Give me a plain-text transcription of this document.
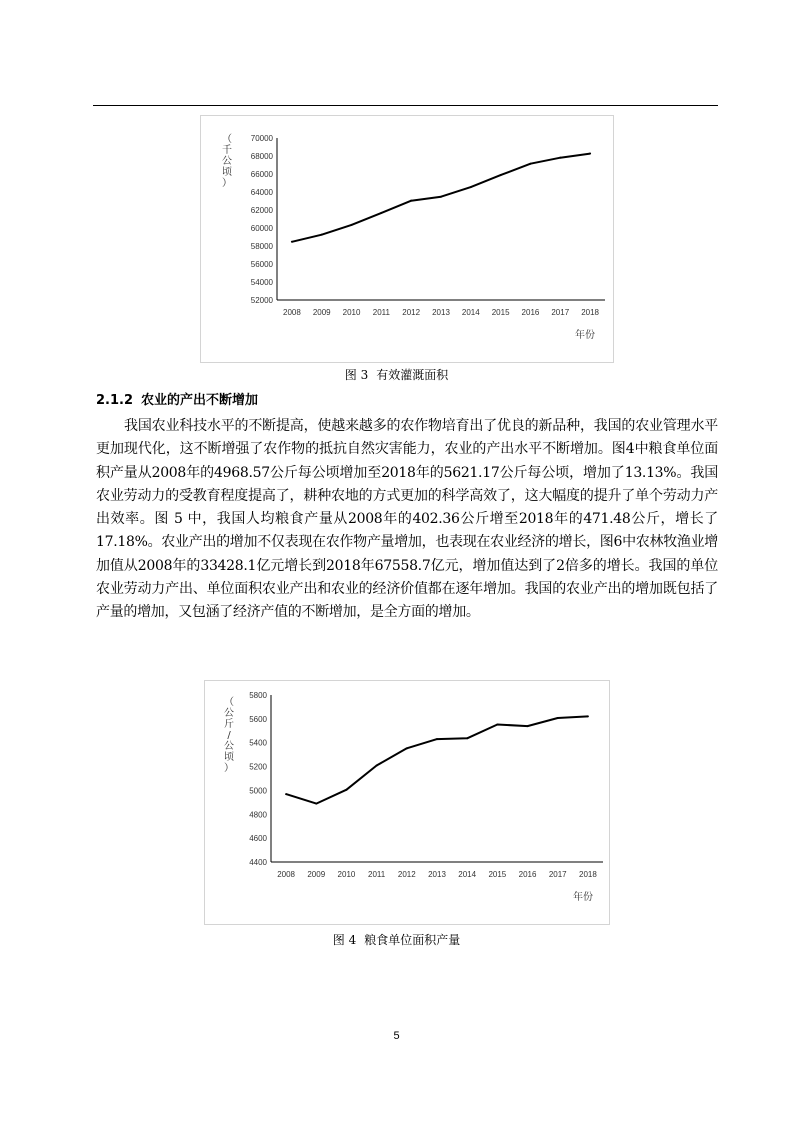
52000
54000
56000
58000
60000
62000
64000
66000
68000
70000
2008 2009 2010 2011 2012 2013 2014 2015 2016 2017 2018
年份
（千公顷）
图 3 有效灌溉面积
2.1.2 农业的产出不断增加

我国农业科技水平的不断提高，使越来越多的农作物培育出了优良的新品种，我国的农业管理水平更加现代化，这不断增强了农作物的抵抗自然灾害能力，农业的产出水平不断增加。图4中粮食单位面积产量从2008年的4968.57公斤每公顷增加至2018年的5621.17公斤每公顷，增加了13.13%。我国农业劳动力的受教育程度提高了，耕种农地的方式更加的科学高效了，这大幅度的提升了单个劳动力产出效率。图 5 中，我国人均粮食产量从2008年的402.36公斤增至2018年的471.48公斤，增长了 17.18%。农业产出的增加不仅表现在农作物产量增加，也表现在农业经济的增长，图6中农林牧渔业增加值从2008年的33428.1亿元增长到2018年67558.7亿元，增加值达到了2倍多的增长。我国的单位农业劳动力产出、单位面积农业产出和农业的经济价值都在逐年增加。我国的农业产出的增加既包括了产量的增加，又包涵了经济产值的不断增加，是全方面的增加。

4400
4600
4800
5000
5200
5400
5600
5800
2008 2009 2010 2011 2012 2013 2014 2015 2016 2017 2018
年份
（公斤/公顷）
图 4 粮食单位面积产量
5
